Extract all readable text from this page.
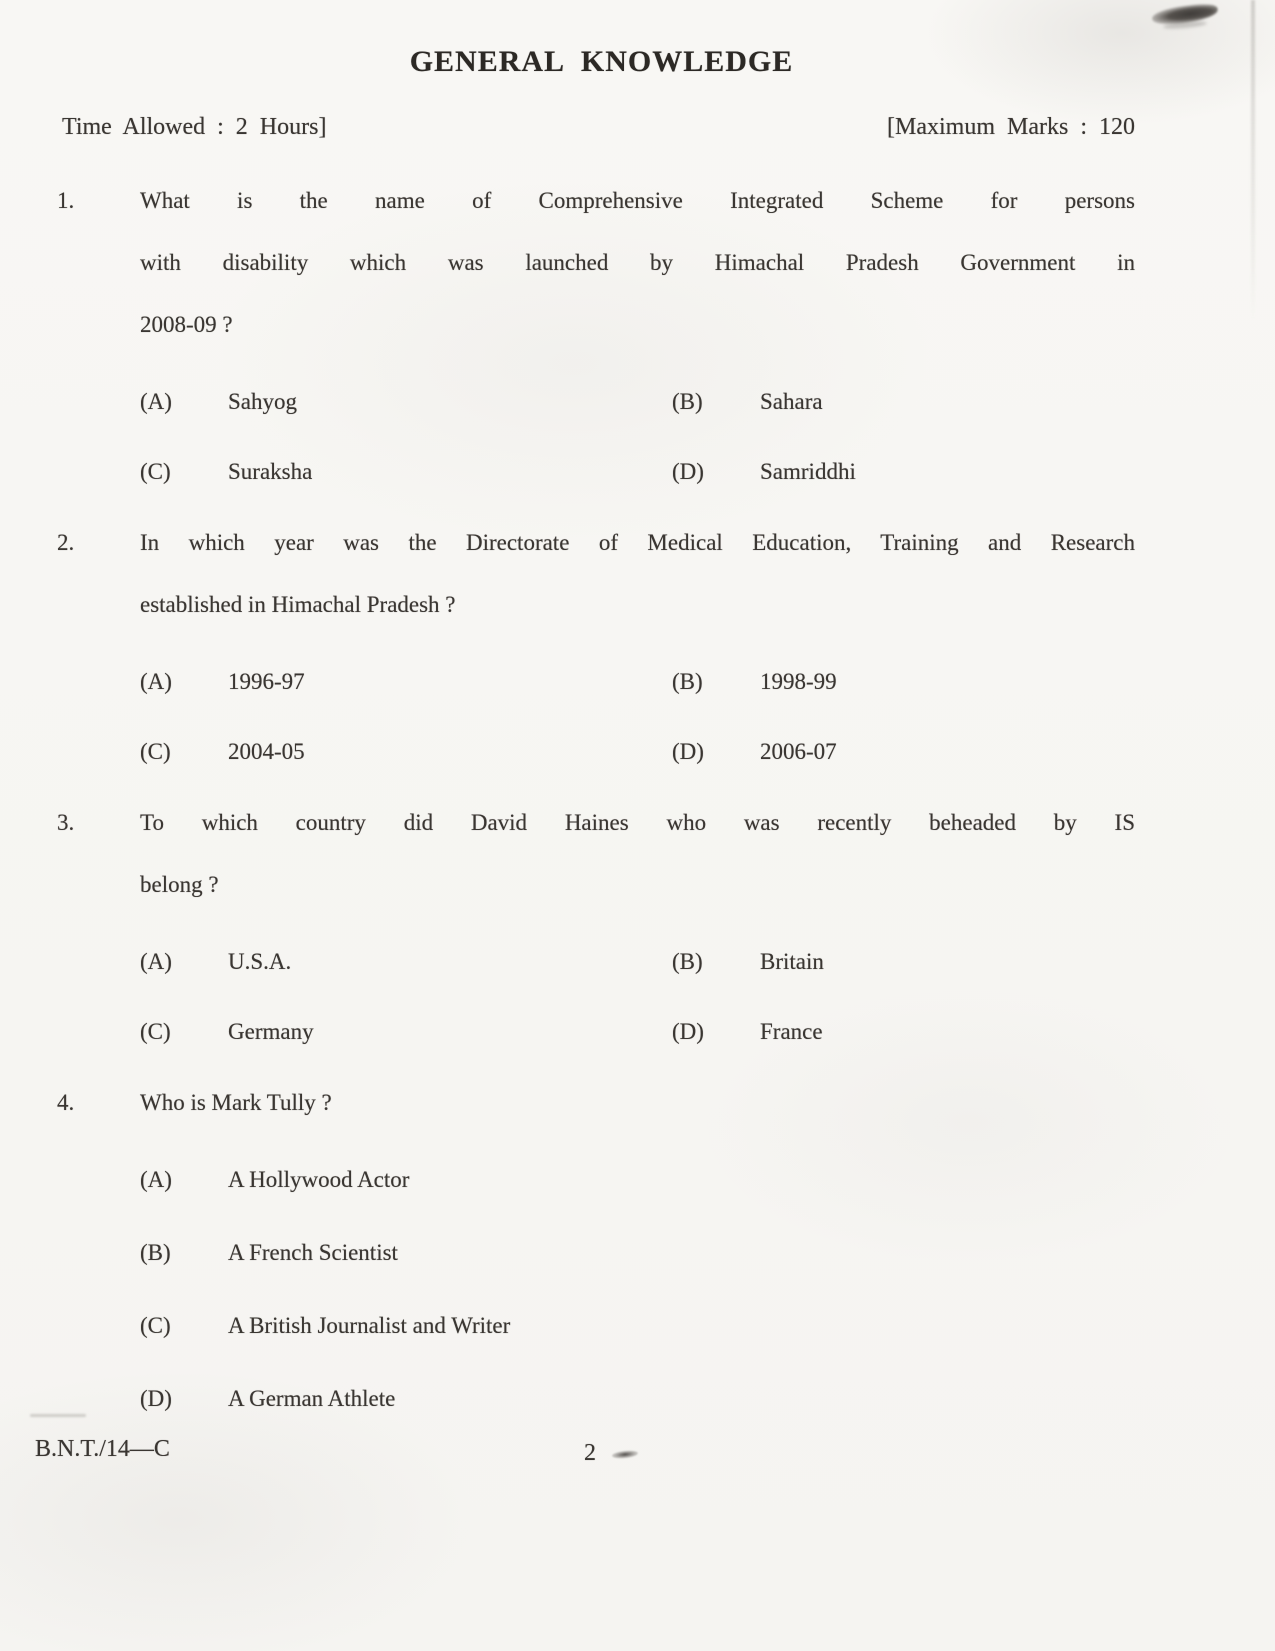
GENERAL KNOWLEDGE
Time Allowed : 2 Hours]	[Maximum Marks : 120
1.	What is the name of Comprehensive Integrated Scheme for persons
with disability which was launched by Himachal Pradesh Government in
2008-09 ?
(A)	Sahyog	(B)	Sahara
(C)	Suraksha	(D)	Samriddhi
2.	In which year was the Directorate of Medical Education, Training and Research
established in Himachal Pradesh ?
(A)	1996-97	(B)	1998-99
(C)	2004-05	(D)	2006-07
3.	To which country did David Haines who was recently beheaded by IS
belong ?
(A)	U.S.A.	(B)	Britain
(C)	Germany	(D)	France
4.	Who is Mark Tully ?
(A)	A Hollywood Actor
(B)	A French Scientist
(C)	A British Journalist and Writer
(D)	A German Athlete
B.N.T./14—C	2
